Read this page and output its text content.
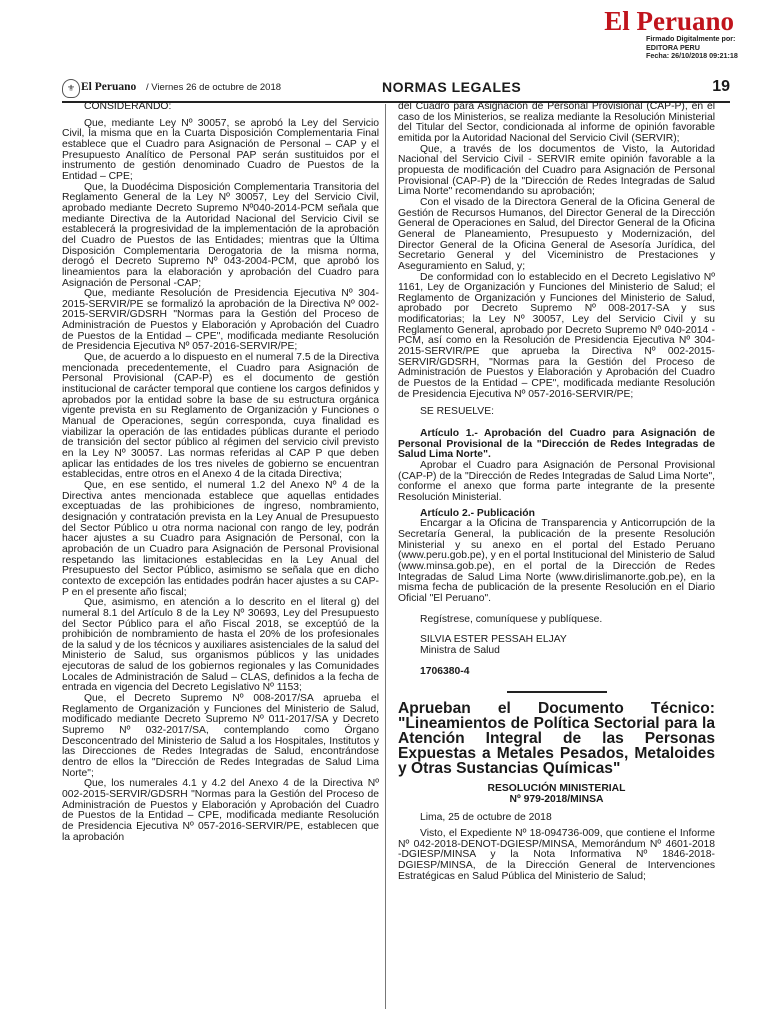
El Peruano
Firmado Digitalmente por:
EDITORA PERU
Fecha: 26/10/2018 09:21:18
⚜ El Peruano / Viernes 26 de octubre de 2018	NORMAS LEGALES	19

CONSIDERANDO:

Que, mediante Ley Nº 30057, se aprobó la Ley del Servicio Civil, la misma que en la Cuarta Disposición Complementaria Final establece que el Cuadro para Asignación de Personal – CAP y el Presupuesto Analítico de Personal PAP serán sustituidos por el instrumento de gestión denominado Cuadro de Puestos de la Entidad – CPE;

Que, la Duodécima Disposición Complementaria Transitoria del Reglamento General de la Ley Nº 30057, Ley del Servicio Civil, aprobado mediante Decreto Supremo Nº040-2014-PCM señala que mediante Directiva de la Autoridad Nacional del Servicio Civil se establecerá la progresividad de la implementación de la aprobación del Cuadro de Puestos de las Entidades; mientras que la Última Disposición Complementaria Derogatoria de la misma norma, derogó el Decreto Supremo Nº 043-2004-PCM, que aprobó los lineamientos para la elaboración y aprobación del Cuadro para Asignación de Personal -CAP;

Que, mediante Resolución de Presidencia Ejecutiva Nº 304-2015-SERVIR/PE se formalizó la aprobación de la Directiva Nº 002-2015-SERVIR/GDSRH "Normas para la Gestión del Proceso de Administración de Puestos y Elaboración y Aprobación del Cuadro de Puestos de la Entidad – CPE", modificada mediante Resolución de Presidencia Ejecutiva Nº 057-2016-SERVIR/PE;

Que, de acuerdo a lo dispuesto en el numeral 7.5 de la Directiva mencionada precedentemente, el Cuadro para Asignación de Personal Provisional (CAP-P) es el documento de gestión institucional de carácter temporal que contiene los cargos definidos y aprobados por la entidad sobre la base de su estructura orgánica vigente prevista en su Reglamento de Organización y Funciones o Manual de Operaciones, según corresponda, cuya finalidad es viabilizar la operación de las entidades públicas durante el periodo de transición del sector público al régimen del servicio civil previsto en la Ley Nº 30057. Las normas referidas al CAP P que deben aplicar las entidades de los tres niveles de gobierno se encuentran establecidas, entre otros en el Anexo 4 de la citada Directiva;

Que, en ese sentido, el numeral 1.2 del Anexo Nº 4 de la Directiva antes mencionada establece que aquellas entidades exceptuadas de las prohibiciones de ingreso, nombramiento, designación y contratación prevista en la Ley Anual de Presupuesto del Sector Público u otra norma nacional con rango de ley, podrán hacer ajustes a su Cuadro para Asignación de Personal, con la aprobación de un Cuadro para Asignación de Personal Provisional respetando las limitaciones establecidas en la Ley Anual del Presupuesto del Sector Público, asimismo se señala que en dicho contexto de excepción las entidades podrán hacer ajustes a su CAP-P en el presente año fiscal;

Que, asimismo, en atención a lo descrito en el literal g) del numeral 8.1 del Artículo 8 de la Ley Nº 30693, Ley del Presupuesto del Sector Público para el año Fiscal 2018, se exceptúó de la prohibición de nombramiento de hasta el 20% de los profesionales de la salud y de los técnicos y auxiliares asistenciales de la salud del Ministerio de Salud, sus organismos públicos y las unidades ejecutoras de salud de los gobiernos regionales y las Comunidades Locales de Administración de Salud – CLAS, definidos a la fecha de entrada en vigencia del Decreto Legislativo Nº 1153;

Que, el Decreto Supremo Nº 008-2017/SA aprueba el Reglamento de Organización y Funciones del Ministerio de Salud, modificado mediante Decreto Supremo Nº 011-2017/SA y Decreto Supremo Nº 032-2017/SA, contemplando como Órgano Desconcentrado del Ministerio de Salud a los Hospitales, Institutos y las Direcciones de Redes Integradas de Salud, encontrándose dentro de ellos la "Dirección de Redes Integradas de Salud Lima Norte";

Que, los numerales 4.1 y 4.2 del Anexo 4 de la Directiva Nº 002-2015-SERVIR/GDSRH "Normas para la Gestión del Proceso de Administración de Puestos y Elaboración y Aprobación del Cuadro de Puestos de la Entidad – CPE, modificada mediante Resolución de Presidencia Ejecutiva Nº 057-2016-SERVIR/PE, establecen que la aprobación

del Cuadro para Asignación de Personal Provisional (CAP-P), en el caso de los Ministerios, se realiza mediante la Resolución Ministerial del Titular del Sector, condicionada al informe de opinión favorable emitida por la Autoridad Nacional del Servicio Civil (SERVIR);

Que, a través de los documentos de Visto, la Autoridad Nacional del Servicio Civil - SERVIR emite opinión favorable a la propuesta de modificación del Cuadro para Asignación de Personal Provisional (CAP-P) de la "Dirección de Redes Integradas de Salud Lima Norte" recomendando su aprobación;

Con el visado de la Directora General de la Oficina General de Gestión de Recursos Humanos, del Director General de la Dirección General de Operaciones en Salud, del Director General de la Oficina General de Planeamiento, Presupuesto y Modernización, del Director General de la Oficina General de Asesoría Jurídica, del Secretario General y del Viceministro de Prestaciones y Aseguramiento en Salud, y;

De conformidad con lo establecido en el Decreto Legislativo Nº 1161, Ley de Organización y Funciones del Ministerio de Salud; el Reglamento de Organización y Funciones del Ministerio de Salud, aprobado por Decreto Supremo Nº 008-2017-SA y sus modificatorias; la Ley Nº 30057, Ley del Servicio Civil y su Reglamento General, aprobado por Decreto Supremo Nº 040-2014 -PCM, así como en la Resolución de Presidencia Ejecutiva Nº 304-2015-SERVIR/PE que aprueba la Directiva Nº 002-2015-SERVIR/GDSRH, "Normas para la Gestión del Proceso de Administración de Puestos y Elaboración y Aprobación del Cuadro de Puestos de la Entidad – CPE", modificada mediante Resolución de Presidencia Ejecutiva Nº 057-2016-SERVIR/PE;

SE RESUELVE:

Artículo 1.- Aprobación del Cuadro para Asignación de Personal Provisional de la "Dirección de Redes Integradas de Salud Lima Norte".

Aprobar el Cuadro para Asignación de Personal Provisional (CAP-P) de la "Dirección de Redes Integradas de Salud Lima Norte", conforme el anexo que forma parte integrante de la presente Resolución Ministerial.

Artículo 2.- Publicación

Encargar a la Oficina de Transparencia y Anticorrupción de la Secretaría General, la publicación de la presente Resolución Ministerial y su anexo en el portal del Estado Peruano (www.peru.gob.pe), y en el portal Institucional del Ministerio de Salud (www.minsa.gob.pe), en el portal de la Dirección de Redes Integradas de Salud Lima Norte (www.dirislimanorte.gob.pe), en la misma fecha de publicación de la presente Resolución en el Diario Oficial "El Peruano".

Regístrese, comuníquese y publíquese.

SILVIA ESTER PESSAH ELJAY

Ministra de Salud

1706380-4

Aprueban el Documento Técnico: "Lineamientos de Política Sectorial para la Atención Integral de las Personas Expuestas a Metales Pesados, Metaloides y Otras Sustancias Químicas"
RESOLUCIÓN MINISTERIAL
Nº 979-2018/MINSA

Lima, 25 de octubre de 2018

Visto, el Expediente Nº 18-094736-009, que contiene el Informe Nº 042-2018-DENOT-DGIESP/MINSA, Memorándum Nº 4601-2018 -DGIESP/MINSA y la Nota Informativa Nº 1846-2018-DGIESP/MINSA, de la Dirección General de Intervenciones Estratégicas en Salud Pública del Ministerio de Salud;
